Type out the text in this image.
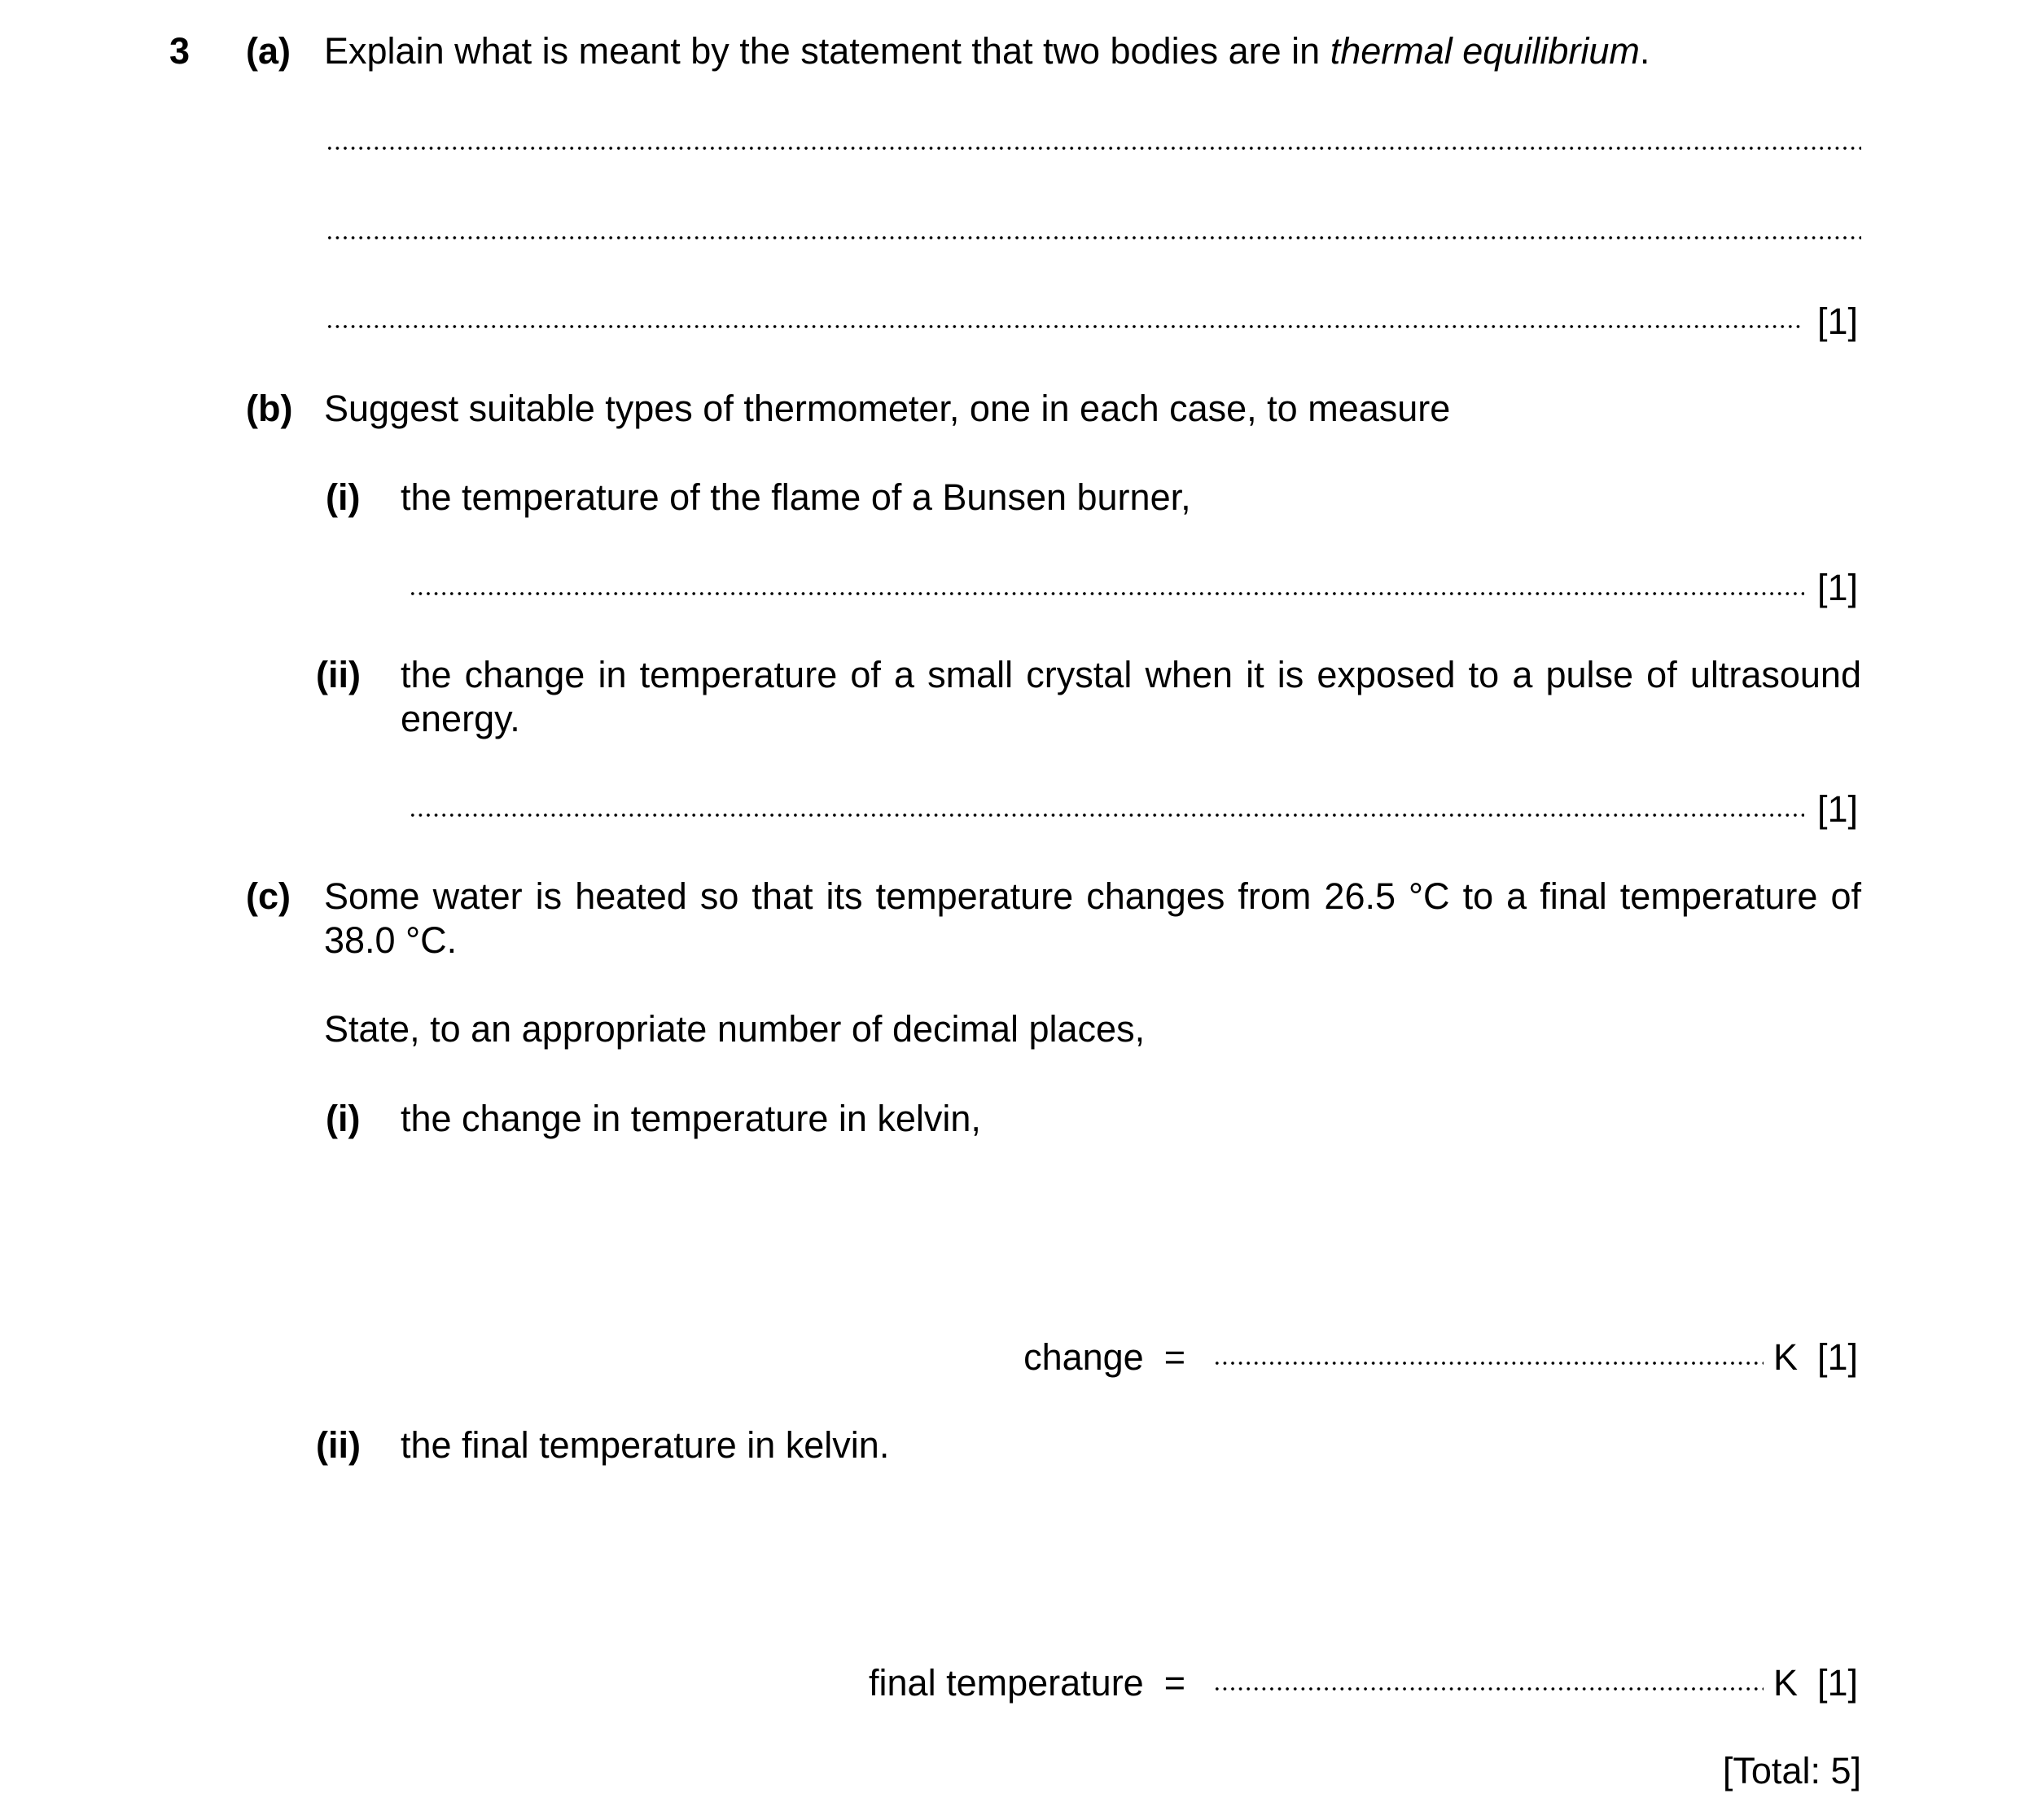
3 (a) Explain what is meant by the statement that two bodies are in thermal equilibrium.
[1]
(b) Suggest suitable types of thermometer, one in each case, to measure
(i) the temperature of the flame of a Bunsen burner,
[1]
(ii) the change in temperature of a small crystal when it is exposed to a pulse of ultrasound
energy.
[1]
(c) Some water is heated so that its temperature changes from 26.5 °C to a final temperature of
38.0 °C.
State, to an appropriate number of decimal places,
(i) the change in temperature in kelvin,
change  =	K [1]
(ii) the final temperature in kelvin.
final temperature  =	K [1]
[Total: 5]
